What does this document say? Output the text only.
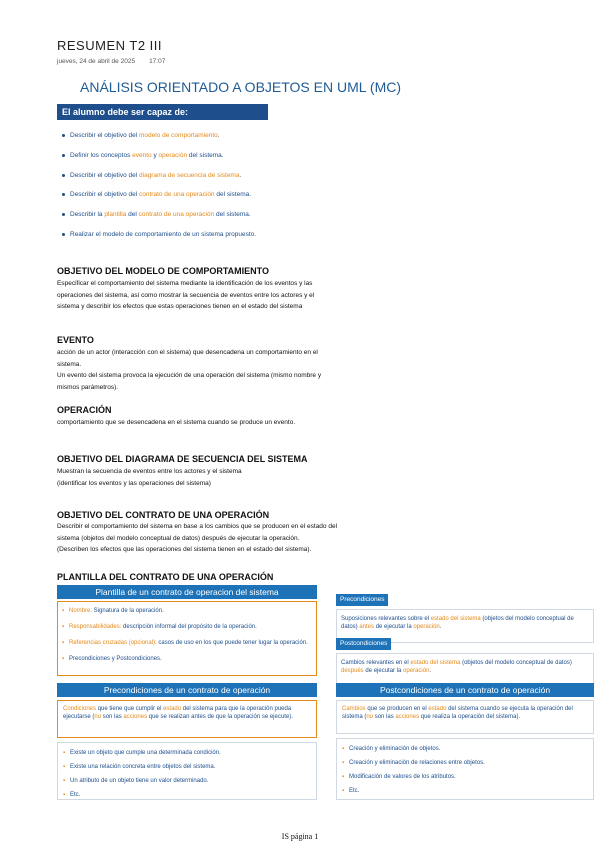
RESUMEN T2 III
jueves, 24 de abril de 2025 17:07
ANÁLISIS ORIENTADO A OBJETOS EN UML (MC)
El alumno debe ser capaz de:
Describir el objetivo del modelo de comportamiento.
Definir los conceptos evento y operación del sistema.
Describir el objetivo del diagrama de secuencia de sistema.
Describir el objetivo del contrato de una operación del sistema.
Describir la plantilla del contrato de una operación del sistema.
Realizar el modelo de comportamiento de un sistema propuesto.
OBJETIVO DEL MODELO DE COMPORTAMIENTO
Especificar el comportamiento del sistema mediante la identificación de los eventos y las
operaciones del sistema, así como mostrar la secuencia de eventos entre los actores y el
sistema y describir los efectos que estas operaciones tienen en el estado del sistema
EVENTO
acción de un actor (interacción con el sistema) que desencadena un comportamiento en el
sistema.
Un evento del sistema provoca la ejecución de una operación del sistema (mismo nombre y
mismos parámetros).
OPERACIÓN
comportamiento que se desencadena en el sistema cuando se produce un evento.
OBJETIVO DEL DIAGRAMA DE SECUENCIA DEL SISTEMA
Muestran la secuencia de eventos entre los actores y el sistema
(identificar los eventos y las operaciones del sistema)
OBJETIVO DEL CONTRATO DE UNA OPERACIÓN
Describir el comportamiento del sistema en base a los cambios que se producen en el estado del
sistema (objetos del modelo conceptual de datos) después de ejecutar la operación.
(Describen los efectos que las operaciones del sistema tienen en el estado del sistema).
PLANTILLA DEL CONTRATO DE UNA OPERACIÓN
Plantilla de un contrato de operacion del sistema
▪ Nombre: Signatura de la operación.
▪ Responsabilidades: descripción informal del propósito de la operación.
▪ Referencias cruzadas (opcional): casos de uso en los que puede tener lugar la operación.
▪ Precondiciones y Postcondiciones.
Precondiciones
Suposiciones relevantes sobre el estado del sistema (objetos del modelo conceptual de datos) antes de ejecutar la operación.
Postcondiciones
Cambios relevantes en el estado del sistema (objetos del modelo conceptual de datos) después de ejecutar la operación.
Precondiciones de un contrato de operación
Condiciones que tiene que cumplir el estado del sistema para que la operación pueda ejecutarse (no son las acciones que se realizan antes de que la operación se ejecute).
▪ Existe un objeto que cumple una determinada condición.
▪ Existe una relación concreta entre objetos del sistema.
▪ Un atributo de un objeto tiene un valor determinado.
▪ Etc.
Postcondiciones de un contrato de operación
Cambios que se producen en el estado del sistema cuando se ejecuta la operación del sistema (no son las acciones que realiza la operación del sistema).
▪ Creación y eliminación de objetos.
▪ Creación y eliminación de relaciones entre objetos.
▪ Modificación de valores de los atributos.
▪ Etc.
IS página 1
